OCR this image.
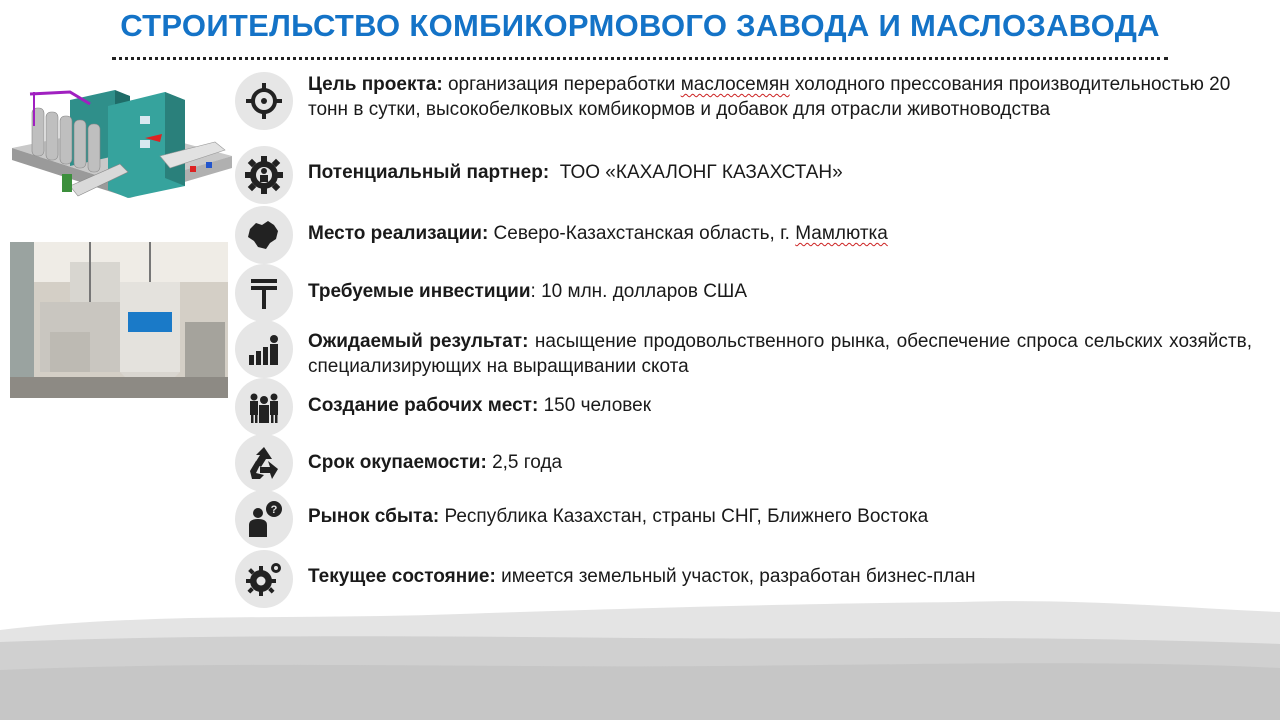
СТРОИТЕЛЬСТВО КОМБИКОРМОВОГО ЗАВОДА И МАСЛОЗАВОДА
?
Цель проекта: организация переработки маслосемян холодного прессования производительностью 20 тонн в сутки, высокобелковых комбикормов и добавок для отрасли животноводства
Потенциальный партнер:  ТОО «КАХАЛОНГ КАЗАХСТАН»
Место реализации: Северо-Казахстанская область, г. Мамлютка
Требуемые инвестиции: 10 млн. долларов США
Ожидаемый результат: насыщение продовольственного рынка, обеспечение спроса сельских хозяйств, специализирующих на выращивании скота
Создание рабочих мест: 150 человек
Срок окупаемости: 2,5 года
Рынок сбыта: Республика Казахстан, страны СНГ, Ближнего Востока
Текущее состояние: имеется земельный участок, разработан бизнес-план
